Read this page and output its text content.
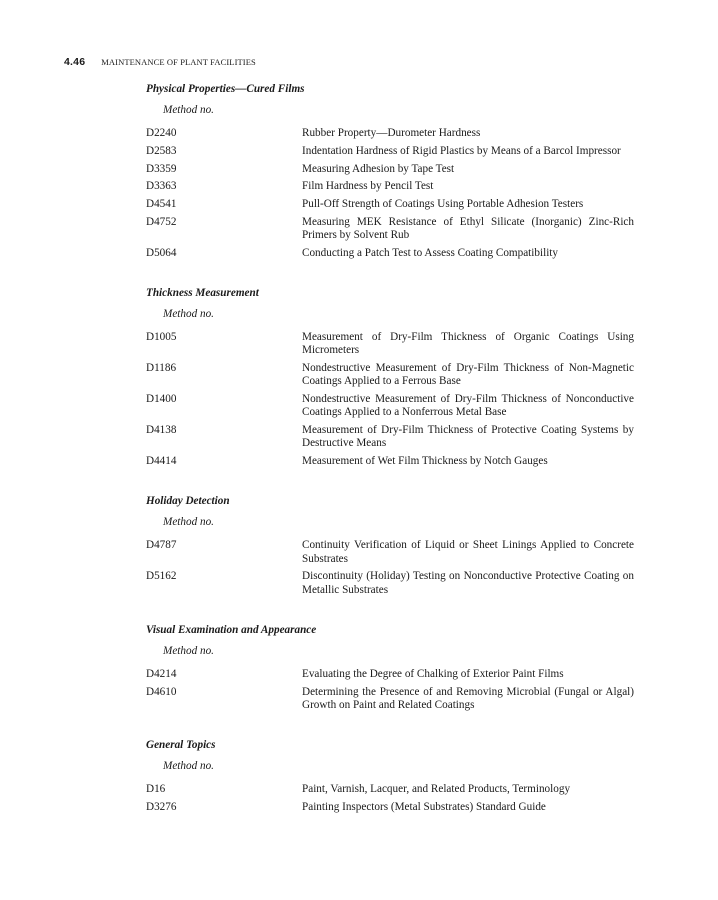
4.46 MAINTENANCE OF PLANT FACILITIES
Physical Properties—Cured Films
Method no.
D2240	Rubber Property—Durometer Hardness
D2583	Indentation Hardness of Rigid Plastics by Means of a Barcol Impressor
D3359	Measuring Adhesion by Tape Test
D3363	Film Hardness by Pencil Test
D4541	Pull-Off Strength of Coatings Using Portable Adhesion Testers
D4752	Measuring MEK Resistance of Ethyl Silicate (Inorganic) Zinc-Rich Primers by Solvent Rub
D5064	Conducting a Patch Test to Assess Coating Compatibility
Thickness Measurement
Method no.
D1005	Measurement of Dry-Film Thickness of Organic Coatings Using Micrometers
D1186	Nondestructive Measurement of Dry-Film Thickness of Non-Magnetic Coatings Applied to a Ferrous Base
D1400	Nondestructive Measurement of Dry-Film Thickness of Nonconductive Coatings Applied to a Nonferrous Metal Base
D4138	Measurement of Dry-Film Thickness of Protective Coating Systems by Destructive Means
D4414	Measurement of Wet Film Thickness by Notch Gauges
Holiday Detection
Method no.
D4787	Continuity Verification of Liquid or Sheet Linings Applied to Concrete Substrates
D5162	Discontinuity (Holiday) Testing on Nonconductive Protective Coating on Metallic Substrates
Visual Examination and Appearance
Method no.
D4214	Evaluating the Degree of Chalking of Exterior Paint Films
D4610	Determining the Presence of and Removing Microbial (Fungal or Algal) Growth on Paint and Related Coatings
General Topics
Method no.
D16	Paint, Varnish, Lacquer, and Related Products, Terminology
D3276	Painting Inspectors (Metal Substrates) Standard Guide
